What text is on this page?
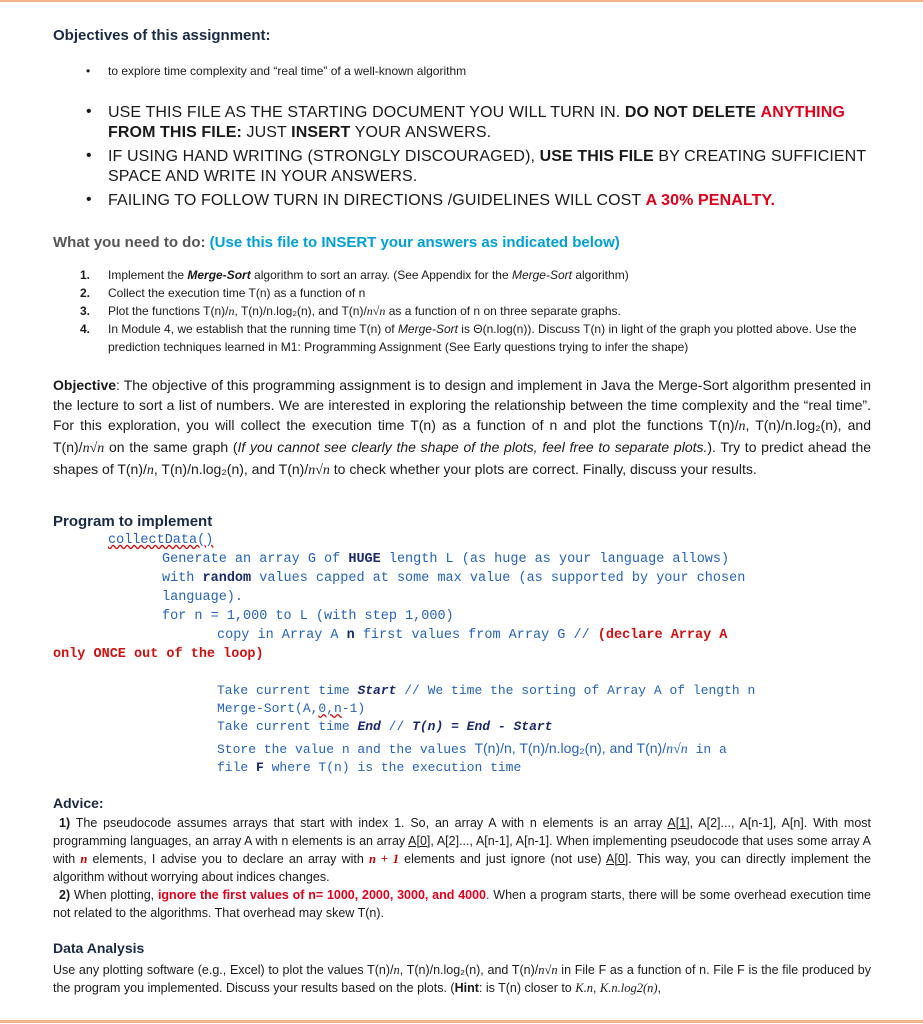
Objectives of this assignment:
• to explore time complexity and “real time” of a well-known algorithm
• USE THIS FILE AS THE STARTING DOCUMENT YOU WILL TURN IN. DO NOT DELETE ANYTHING FROM THIS FILE: JUST INSERT YOUR ANSWERS.
• IF USING HAND WRITING (STRONGLY DISCOURAGED), USE THIS FILE BY CREATING SUFFICIENT SPACE AND WRITE IN YOUR ANSWERS.
• FAILING TO FOLLOW TURN IN DIRECTIONS /GUIDELINES WILL COST A 30% PENALTY.
What you need to do: (Use this file to INSERT your answers as indicated below)
1. Implement the Merge-Sort algorithm to sort an array. (See Appendix for the Merge-Sort algorithm)
2. Collect the execution time T(n) as a function of n
3. Plot the functions T(n)/n, T(n)/n.log₂(n), and T(n)/n√n as a function of n on three separate graphs.
4. In Module 4, we establish that the running time T(n) of Merge-Sort is Θ(n.log(n)). Discuss T(n) in light of the graph you plotted above. Use the prediction techniques learned in M1: Programming Assignment (See Early questions trying to infer the shape)
Objective: The objective of this programming assignment is to design and implement in Java the Merge-Sort algorithm presented in the lecture to sort a list of numbers. We are interested in exploring the relationship between the time complexity and the “real time”. For this exploration, you will collect the execution time T(n) as a function of n and plot the functions T(n)/n, T(n)/n.log₂(n), and T(n)/n√n on the same graph (If you cannot see clearly the shape of the plots, feel free to separate plots.). Try to predict ahead the shapes of T(n)/n, T(n)/n.log₂(n), and T(n)/n√n to check whether your plots are correct. Finally, discuss your results.
Program to implement
collectData()
Generate an array G of HUGE length L (as huge as your language allows)
with random values capped at some max value (as supported by your chosen
language).
for n = 1,000 to L (with step 1,000)
copy in Array A n first values from Array G // (declare Array A
only ONCE out of the loop)
Take current time Start // We time the sorting of Array A of length n
Merge-Sort(A,0,n-1)
Take current time End // T(n) = End - Start
Store the value n and the values T(n)/n, T(n)/n.log₂(n), and T(n)/n√n in a
file F where T(n) is the execution time
Advice:
1) The pseudocode assumes arrays that start with index 1. So, an array A with n elements is an array A[1], A[2]..., A[n-1], A[n]. With most programming languages, an array A with n elements is an array A[0], A[2]..., A[n-1], A[n-1]. When implementing pseudocode that uses some array A with n elements, I advise you to declare an array with n + 1 elements and just ignore (not use) A[0]. This way, you can directly implement the algorithm without worrying about indices changes.
2) When plotting, ignore the first values of n= 1000, 2000, 3000, and 4000. When a program starts, there will be some overhead execution time not related to the algorithms. That overhead may skew T(n).
Data Analysis
Use any plotting software (e.g., Excel) to plot the values T(n)/n, T(n)/n.log₂(n), and T(n)/n√n in File F as a function of n. File F is the file produced by the program you implemented. Discuss your results based on the plots. (Hint: is T(n) closer to K.n, K.n.log2(n),
